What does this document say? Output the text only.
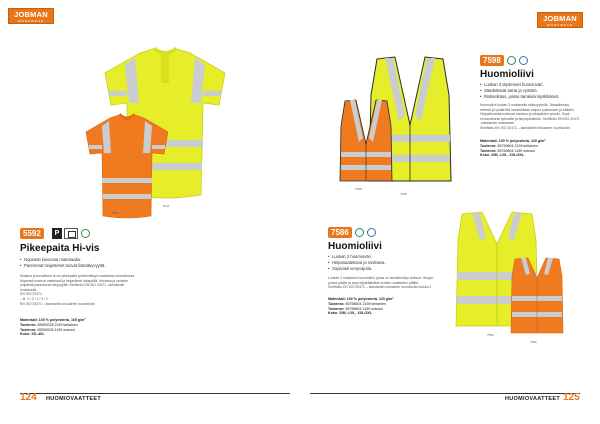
JOBMAN
WORKWEAR
5592
5511
5592	P
Pikeepaita Hi-vis
• Nopeasti kuivuvaa materiaalia.
• Paremmat heijastimet tuovat lisänäkyvyyttä.
Mukava ja turvallinen hi-vis pikeepaita työskentelyyn vaativissa olosuhteissa. Nopeasti kuivuva materiaali ja heijastimet olkapäillä, hihoissa ja vartalon ympärillä parantavat näkyvyyttä. Sertifioitu EN ISO 20471 -standardin mukaisesti.
EN ISO 20471
– kl. 2 / 2 / 1 / 2 / 1
EN ISO 20471 – standardin mukainen huomioväri
Materiaali: 100 % polyesteria, 165 g/m²
Tuotenro: 65559228 2159 keltainen
Tuotenro: 65559228 1159 oranssi
Koko: XS–4XL
124 HUOMIOVAATTEET
JOBMAN
WORKWEAR
7598
7598
7598
Huomioliivi
• Luokan 3 täydennet huomioväri.
• Säädettävät tarrat ja vyötärö.
• Ristiselkäus, joissa tarrakiinnitysliitokset.
Huomioliivi luokan 3 mukaisella näkyvyydellä. Tarrakiinnitys edessä ja vyötäröllä mahdollistaa helpon pukemisen ja säädön. Heijastinraidat kulkevat vartalon ja olkapäiden ympäri. Sopii erinomaisesti työmaille ja tieympäristöön. Sertifioitu EN ISO 20471 -standardin mukaisesti.
Sertifioitu EN ISO 20471 – standardin mukainen huomioväri.
Materiaali: 100 % polyesteria, 120 g/m²
Tuotenro: 65759804 2159 keltainen
Tuotenro: 65759804 1159 oranssi
Koko: S/M, L/XL, XXL/3XL
7586
Huomioliivi
• Luokan 2 huomioväri.
• Helposaatettava ja sovittava.
• Sopivasti venyväjoita.
Luokan 2 mukainen huomioliivi, jossa on tarrakiinnitys edessä. Helppo pukea päälle ja sopii käytettäväksi muiden vaatteiden päällä.
Sertifioitu EN ISO 20471 – standardin mukainen huomioväri luokka 2.
Materiaali: 100 % polyesteria, 120 g/m²
Tuotenro: 65758604 2159 keltainen
Tuotenro: 65758604 1159 oranssi
Koko: S/M, L/XL, XXL/3XL
7586
7586
HUOMIOVAATTEET 125
